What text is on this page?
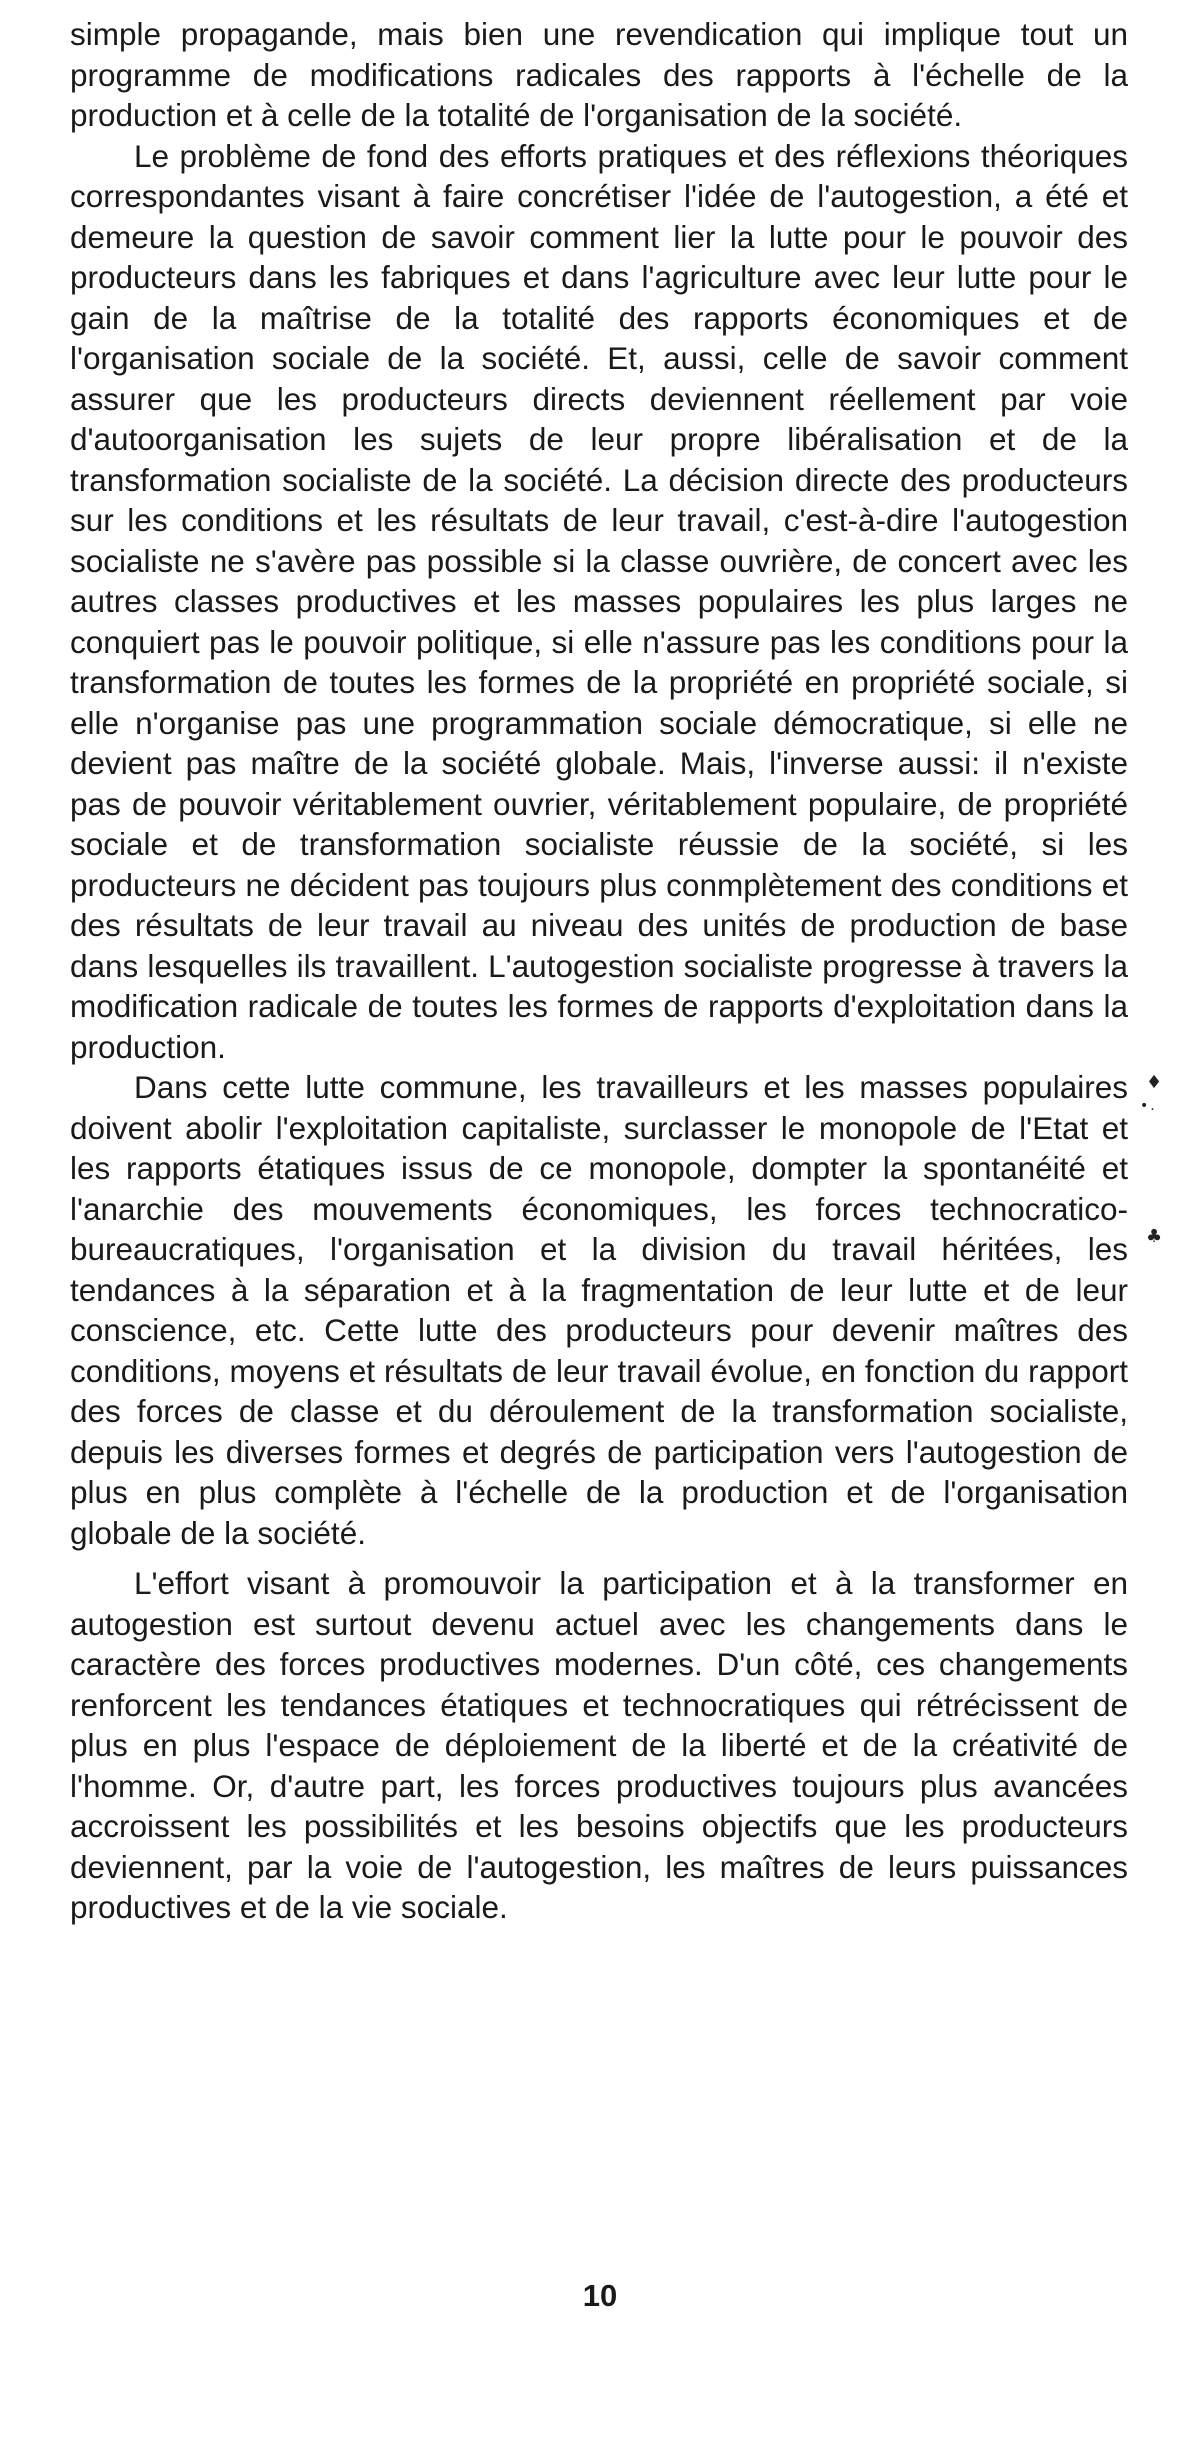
simple propagande, mais bien une revendication qui implique tout un programme de modifications radicales des rapports à l'échelle de la production et à celle de la totalité de l'organisation de la société.

Le problème de fond des efforts pratiques et des réflexions théoriques correspondantes visant à faire concrétiser l'idée de l'autogestion, a été et demeure la question de savoir comment lier la lutte pour le pouvoir des producteurs dans les fabriques et dans l'agriculture avec leur lutte pour le gain de la maîtrise de la totalité des rapports économiques et de l'organisation sociale de la société. Et, aussi, celle de savoir comment assurer que les producteurs directs deviennent réellement par voie d'autoorganisation les sujets de leur propre libéralisation et de la transformation socialiste de la société. La décision directe des producteurs sur les conditions et les résultats de leur travail, c'est-à-dire l'autogestion socialiste ne s'avère pas possible si la classe ouvrière, de concert avec les autres classes productives et les masses populaires les plus larges ne conquiert pas le pouvoir politique, si elle n'assure pas les conditions pour la transformation de toutes les formes de la propriété en propriété sociale, si elle n'organise pas une programmation sociale démocratique, si elle ne devient pas maître de la société globale. Mais, l'inverse aussi: il n'existe pas de pouvoir véritablement ouvrier, véritablement populaire, de propriété sociale et de transformation socialiste réussie de la société, si les producteurs ne décident pas toujours plus conmplètement des conditions et des résultats de leur travail au niveau des unités de production de base dans lesquelles ils travaillent. L'autogestion socialiste progresse à travers la modification radicale de toutes les formes de rapports d'exploitation dans la production.

Dans cette lutte commune, les travailleurs et les masses populaires doivent abolir l'exploitation capitaliste, surclasser le monopole de l'Etat et les rapports étatiques issus de ce monopole, dompter la spontanéité et l'anarchie des mouvements économiques, les forces technocratico-bureaucratiques, l'organisation et la division du travail héritées, les tendances à la séparation et à la fragmentation de leur lutte et de leur conscience, etc. Cette lutte des producteurs pour devenir maîtres des conditions, moyens et résultats de leur travail évolue, en fonction du rapport des forces de classe et du déroulement de la transformation socialiste, depuis les diverses formes et degrés de participation vers l'autogestion de plus en plus complète à l'échelle de la production et de l'organisation globale de la société.

L'effort visant à promouvoir la participation et à la transformer en autogestion est surtout devenu actuel avec les changements dans le caractère des forces productives modernes. D'un côté, ces changements renforcent les tendances étatiques et technocratiques qui rétrécissent de plus en plus l'espace de déploiement de la liberté et de la créativité de l'homme. Or, d'autre part, les forces productives toujours plus avancées accroissent les possibilités et les besoins objectifs que les producteurs deviennent, par la voie de l'autogestion, les maîtres de leurs puissances productives et de la vie sociale.

♦
•.
♣
10
